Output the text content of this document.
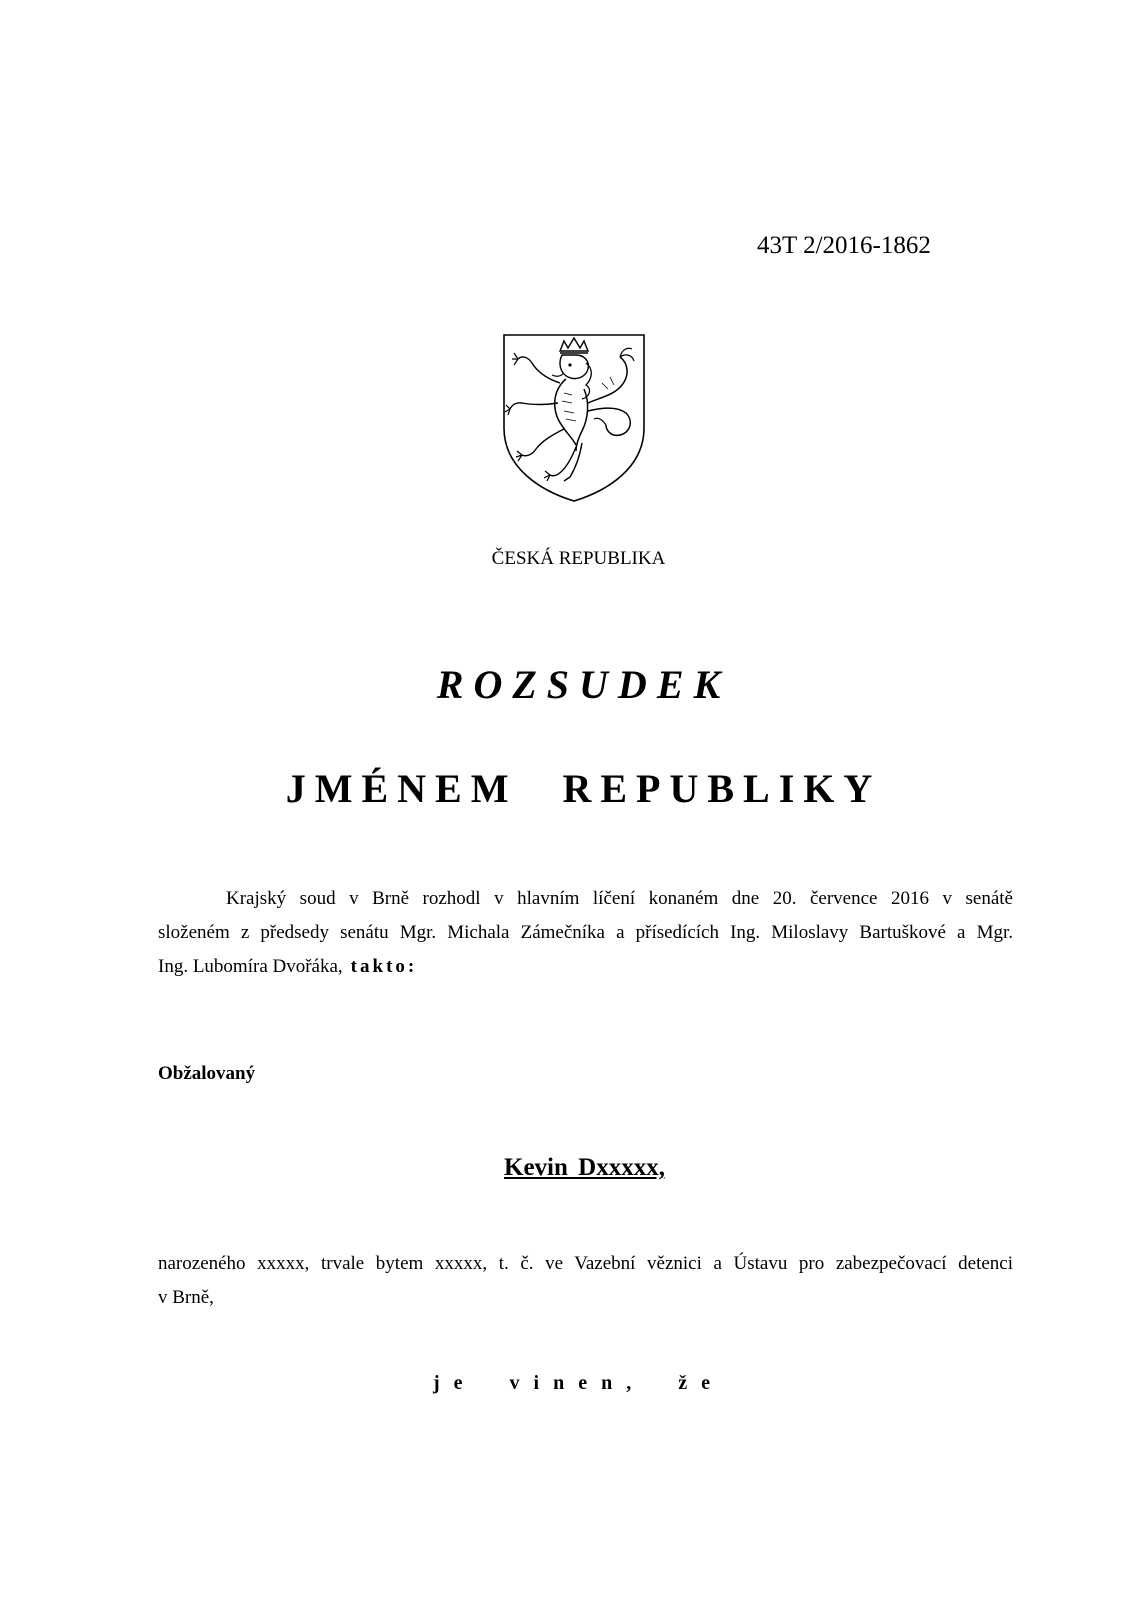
43T 2/2016-1862
ČESKÁ REPUBLIKA
ROZSUDEK
JMÉNEM REPUBLIKY
Krajský soud v Brně rozhodl v hlavním líčení konaném dne 20. července 2016 v senátě
složeném z předsedy senátu Mgr. Michala Zámečníka a přísedících Ing. Miloslavy Bartuškové a Mgr.
Ing. Lubomíra Dvořáka, takto:
Obžalovaný
Kevin Dxxxxx,
narozeného xxxxx, trvale bytem xxxxx, t. č. ve Vazební věznici a Ústavu pro zabezpečovací detenci
v Brně,
je vinen, že
